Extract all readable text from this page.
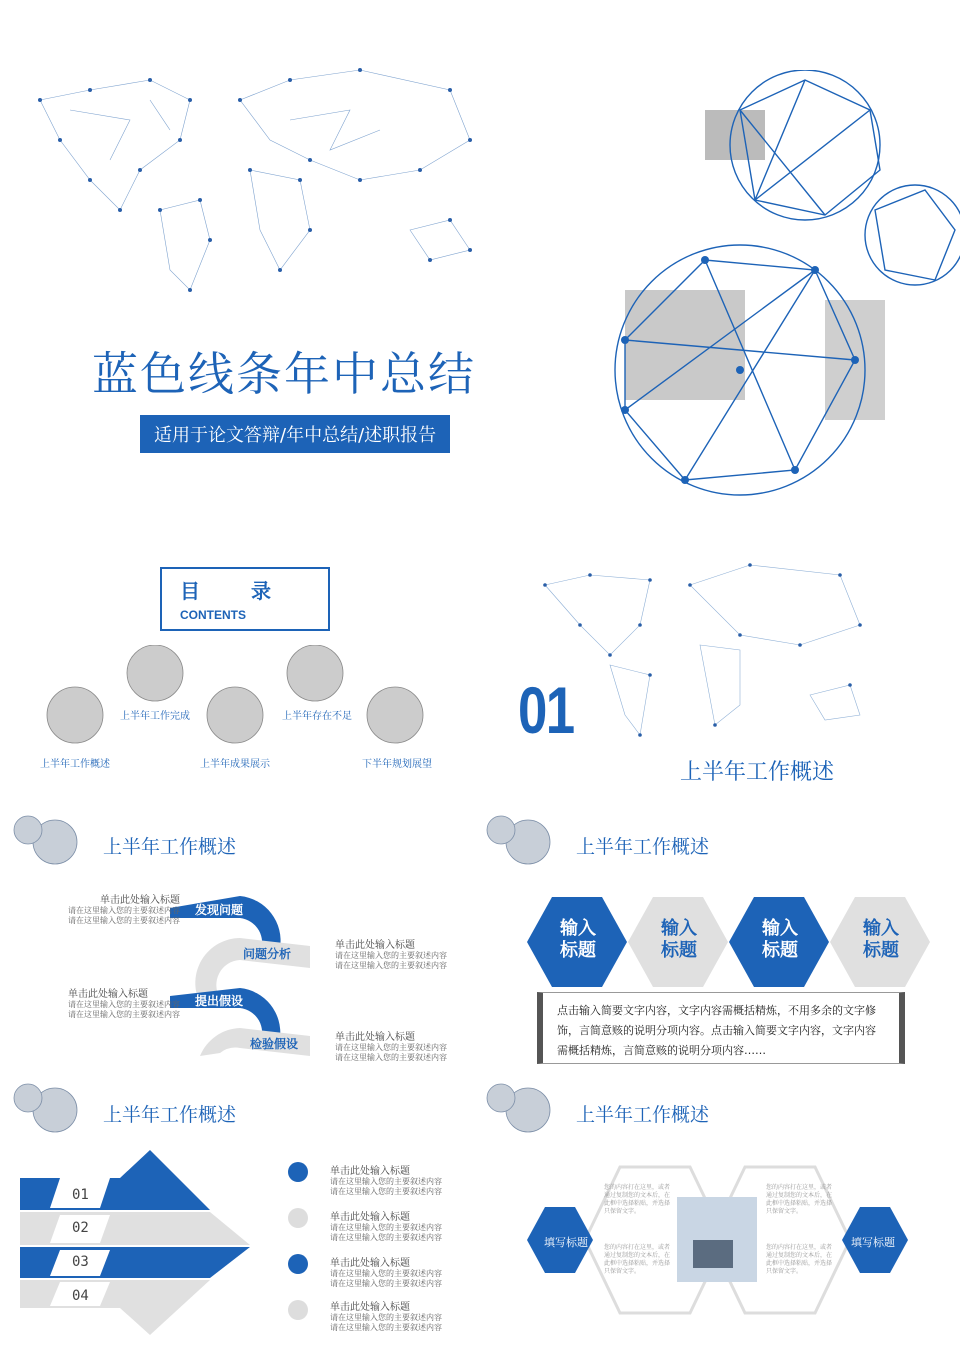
蓝色线条年中总结
适用于论文答辩/年中总结/述职报告
目 录 CONTENTS
上半年工作概述
上半年工作完成
上半年成果展示
上半年存在不足
下半年规划展望
01
上半年工作概述
上半年工作概述
发现问题
问题分析
提出假设
检验假设
单击此处输入标题
请在这里输入您的主要叙述内容
请在这里输入您的主要叙述内容
单击此处输入标题
请在这里输入您的主要叙述内容
请在这里输入您的主要叙述内容
单击此处输入标题
请在这里输入您的主要叙述内容
请在这里输入您的主要叙述内容
单击此处输入标题
请在这里输入您的主要叙述内容
请在这里输入您的主要叙述内容
上半年工作概述
输入
标题
输入
标题
输入
标题
输入
标题
点击输入简要文字内容，文字内容需概括精炼，不用多余的文字修饰，言简意赅的说明分项内容。点击输入简要文字内容，文字内容需概括精炼，言简意赅的说明分项内容……
上半年工作概述
01
02
03
04
单击此处输入标题
请在这里输入您的主要叙述内容
请在这里输入您的主要叙述内容
单击此处输入标题
请在这里输入您的主要叙述内容
请在这里输入您的主要叙述内容
单击此处输入标题
请在这里输入您的主要叙述内容
请在这里输入您的主要叙述内容
单击此处输入标题
请在这里输入您的主要叙述内容
请在这里输入您的主要叙述内容
上半年工作概述
填写标题	填写标题
您的内容打在这里，或者通过复制您的文本后，在此框中选择粘贴，并选择只保留文字。
您的内容打在这里，或者通过复制您的文本后，在此框中选择粘贴，并选择只保留文字。
您的内容打在这里，或者通过复制您的文本后，在此框中选择粘贴，并选择只保留文字。
您的内容打在这里，或者通过复制您的文本后，在此框中选择粘贴，并选择只保留文字。
